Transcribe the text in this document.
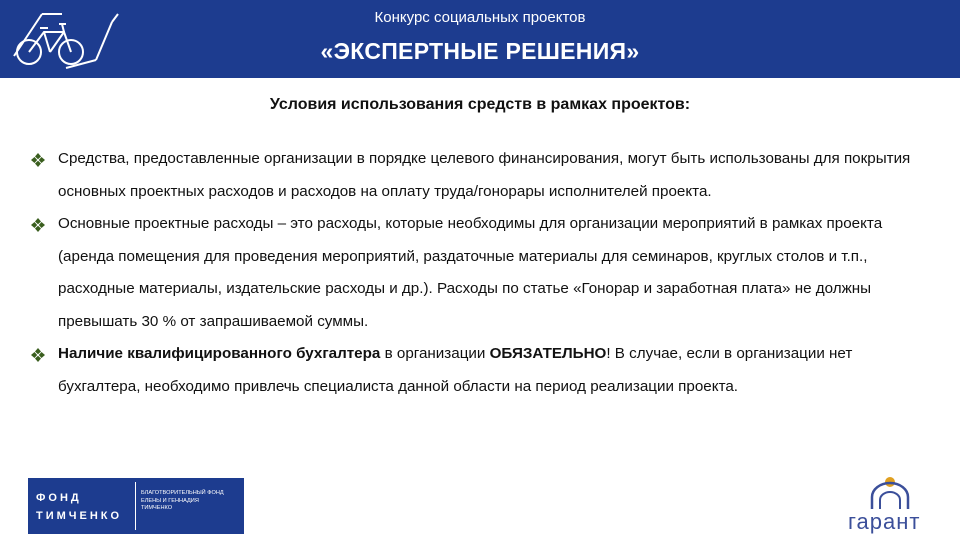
Конкурс социальных проектов
«ЭКСПЕРТНЫЕ РЕШЕНИЯ»
Условия использования средств в рамках проектов:
Средства, предоставленные организации в порядке целевого финансирования, могут быть использованы для покрытия основных проектных расходов и расходов на оплату труда/гонорары исполнителей проекта.
Основные проектные расходы – это расходы, которые необходимы для организации мероприятий в рамках проекта (аренда помещения для проведения мероприятий, раздаточные материалы для семинаров, круглых столов и т.п., расходные материалы, издательские расходы и др.). Расходы по статье «Гонорар и заработная плата» не должны превышать 30 % от запрашиваемой суммы.
Наличие квалифицированного бухгалтера в организации ОБЯЗАТЕЛЬНО! В случае, если в организации нет бухгалтера, необходимо привлечь специалиста данной области на период реализации проекта.
ФОНД
ТИМЧЕНКО
БЛАГОТВОРИТЕЛЬНЫЙ ФОНД
ЕЛЕНЫ И ГЕННАДИЯ
ТИМЧЕНКО
гарант
